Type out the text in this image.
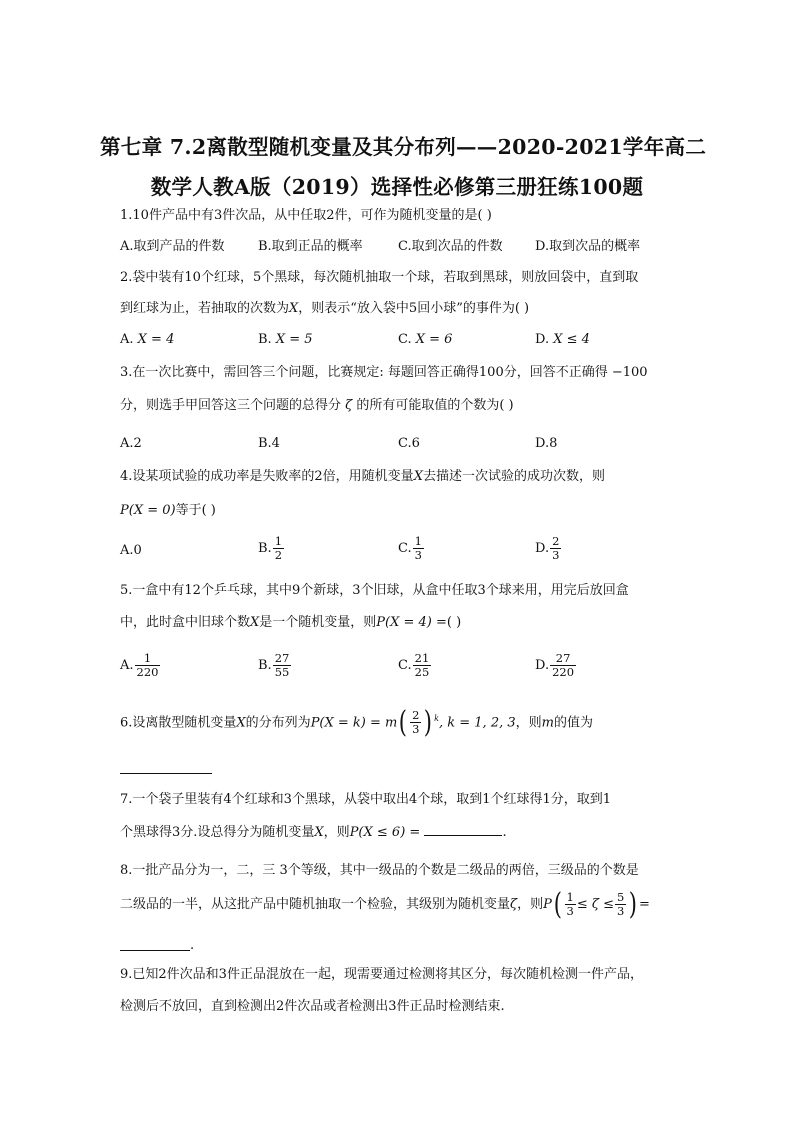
第七章 7.2离散型随机变量及其分布列——2020-2021学年高二
数学人教A版（2019）选择性必修第三册狂练100题
1.10件产品中有3件次品，从中任取2件，可作为随机变量的是( )
A.取到产品的件数	B.取到正品的概率	C.取到次品的件数 D.取到次品的概率
2.袋中装有10个红球，5个黑球，每次随机抽取一个球，若取到黑球，则放回袋中，直到取
到红球为止，若抽取的次数为X，则表示“放入袋中5回小球”的事件为( )
A. X = 4	B. X = 5	C. X = 6	D. X ≤ 4
3.在一次比赛中，需回答三个问题，比赛规定: 每题回答正确得100分，回答不正确得 −100
分，则选手甲回答这三个问题的总得分 ζ 的所有可能取值的个数为( )
A.2	B.4	C.6	D.8
4.设某项试验的成功率是失败率的2倍，用随机变量X去描述一次试验的成功次数，则
P(X = 0)等于( )
A.0	B. $\frac{1}{2}$	C. $\frac{1}{3}$	D. $\frac{2}{3}$
5.一盒中有12个乒乓球，其中9个新球，3个旧球，从盒中任取3个球来用，用完后放回盒
中，此时盒中旧球个数X是一个随机变量，则P(X = 4) =( )
A. $\frac{1}{220}$	B. $\frac{27}{55}$	C. $\frac{21}{25}$	D. $\frac{27}{220}$
6.设离散型随机变量X的分布列为$P(X = k) = m( \frac{2}{3}$ ) $^k$, k = 1, 2, 3，则m的值为
7.一个袋子里装有4个红球和3个黑球，从袋中取出4个球，取到1个红球得1分，取到1
个黑球得3分.设总得分为随机变量X，则P(X ≤ 6) =	.
8.一批产品分为一，二，三 3个等级，其中一级品的个数是二级品的两倍，三级品的个数是
二级品的一半，从这批产品中随机抽取一个检验，其级别为随机变量ζ，则$P( \frac{1}{3} \le \zeta \le \frac{5}{3}$ ) =
.
9.已知2件次品和3件正品混放在一起，现需要通过检测将其区分，每次随机检测一件产品，
检测后不放回，直到检测出2件次品或者检测出3件正品时检测结束.
